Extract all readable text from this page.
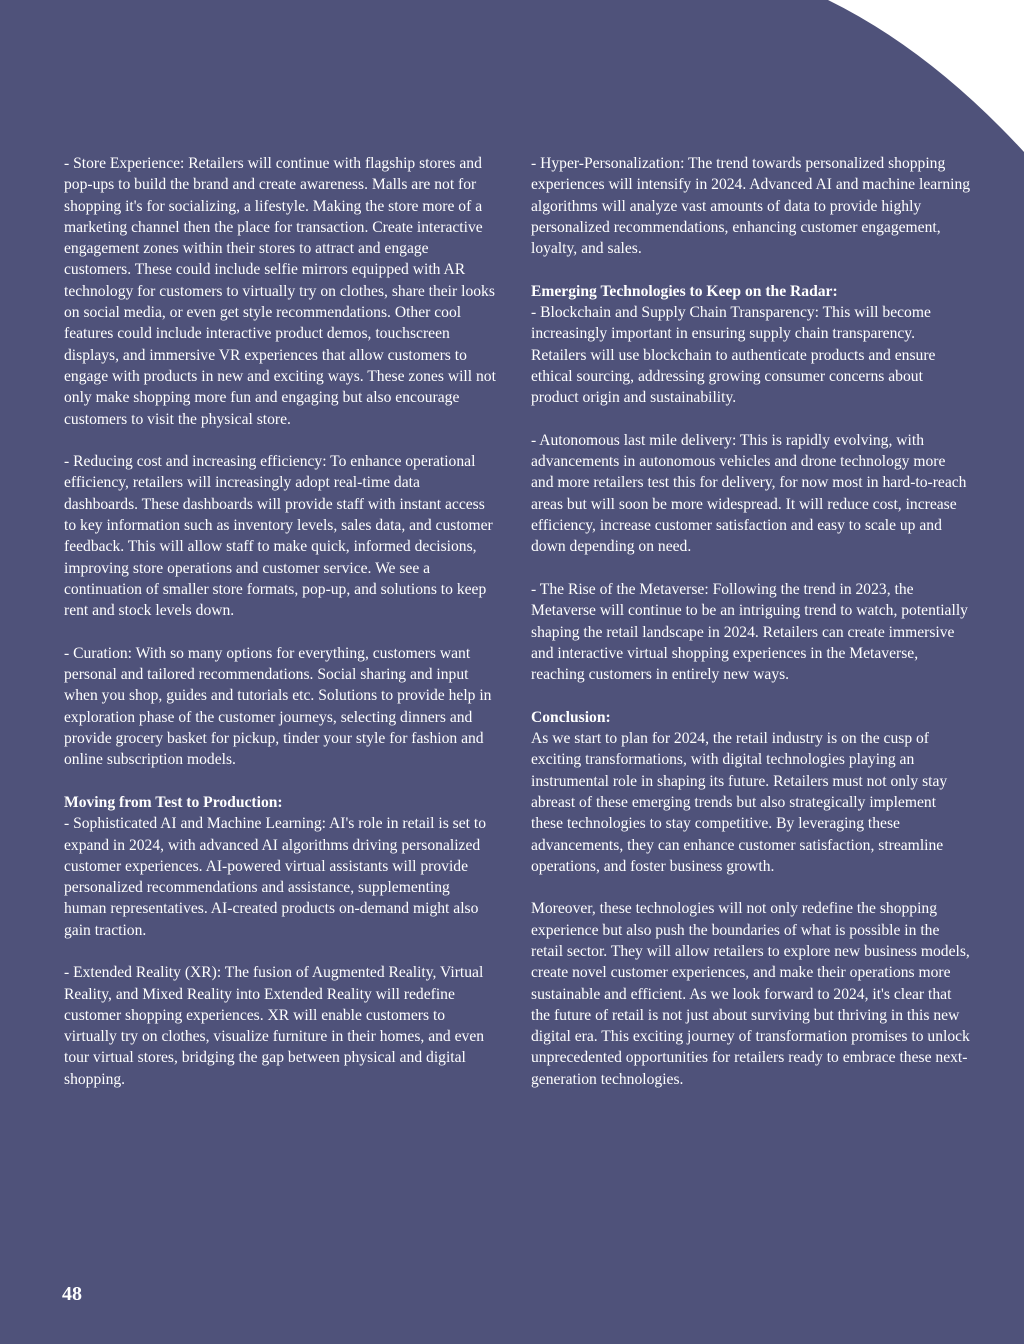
- Store Experience: Retailers will continue with flagship stores and pop-ups to build the brand and create awareness. Malls are not for shopping it's for socializing, a lifestyle. Making the store more of a marketing channel then the place for transaction. Create interactive engagement zones within their stores to attract and engage customers. These could include selfie mirrors equipped with AR technology for customers to virtually try on clothes, share their looks on social media, or even get style recommendations. Other cool features could include interactive product demos, touchscreen displays, and immersive VR experiences that allow customers to engage with products in new and exciting ways. These zones will not only make shopping more fun and engaging but also encourage customers to visit the physical store.

- Reducing cost and increasing efficiency: To enhance operational efficiency, retailers will increasingly adopt real-time data dashboards. These dashboards will provide staff with instant access to key information such as inventory levels, sales data, and customer feedback. This will allow staff to make quick, informed decisions, improving store operations and customer service. We see a continuation of smaller store formats, pop-up, and solutions to keep rent and stock levels down.

- Curation: With so many options for everything, customers want personal and tailored recommendations. Social sharing and input when you shop, guides and tutorials etc. Solutions to provide help in exploration phase of the customer journeys, selecting dinners and provide grocery basket for pickup, tinder your style for fashion and online subscription models.

Moving from Test to Production:
- Sophisticated AI and Machine Learning: AI's role in retail is set to expand in 2024, with advanced AI algorithms driving personalized customer experiences. AI-powered virtual assistants will provide personalized recommendations and assistance, supplementing human representatives. AI-created products on-demand might also gain traction.

- Extended Reality (XR): The fusion of Augmented Reality, Virtual Reality, and Mixed Reality into Extended Reality will redefine customer shopping experiences. XR will enable customers to virtually try on clothes, visualize furniture in their homes, and even tour virtual stores, bridging the gap between physical and digital shopping.

- Hyper-Personalization: The trend towards personalized shopping experiences will intensify in 2024. Advanced AI and machine learning algorithms will analyze vast amounts of data to provide highly personalized recommendations, enhancing customer engagement, loyalty, and sales.

Emerging Technologies to Keep on the Radar:
- Blockchain and Supply Chain Transparency: This will become increasingly important in ensuring supply chain transparency. Retailers will use blockchain to authenticate products and ensure ethical sourcing, addressing growing consumer concerns about product origin and sustainability.

- Autonomous last mile delivery: This is rapidly evolving, with advancements in autonomous vehicles and drone technology more and more retailers test this for delivery, for now most in hard-to-reach areas but will soon be more widespread. It will reduce cost, increase efficiency, increase customer satisfaction and easy to scale up and down depending on need.

- The Rise of the Metaverse: Following the trend in 2023, the Metaverse will continue to be an intriguing trend to watch, potentially shaping the retail landscape in 2024. Retailers can create immersive and interactive virtual shopping experiences in the Metaverse, reaching customers in entirely new ways.

Conclusion:
As we start to plan for 2024, the retail industry is on the cusp of exciting transformations, with digital technologies playing an instrumental role in shaping its future. Retailers must not only stay abreast of these emerging trends but also strategically implement these technologies to stay competitive. By leveraging these advancements, they can enhance customer satisfaction, streamline operations, and foster business growth.

Moreover, these technologies will not only redefine the shopping experience but also push the boundaries of what is possible in the retail sector. They will allow retailers to explore new business models, create novel customer experiences, and make their operations more sustainable and efficient. As we look forward to 2024, it's clear that the future of retail is not just about surviving but thriving in this new digital era. This exciting journey of transformation promises to unlock unprecedented opportunities for retailers ready to embrace these next-generation technologies.

48
